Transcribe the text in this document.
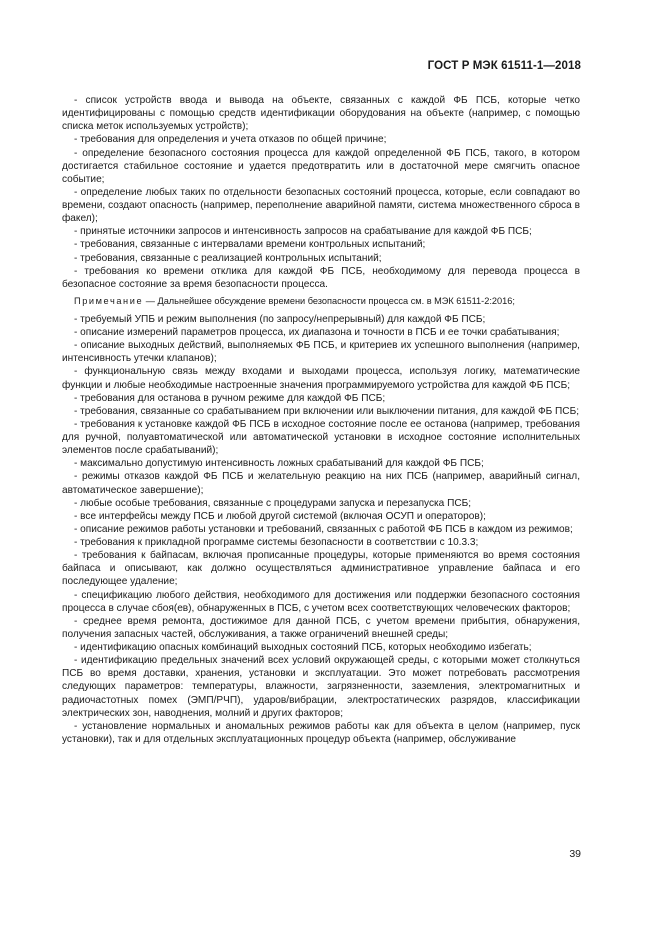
ГОСТ Р МЭК 61511-1—2018

- список устройств ввода и вывода на объекте, связанных с каждой ФБ ПСБ, которые четко идентифицированы с помощью средств идентификации оборудования на объекте (например, с помощью списка меток используемых устройств);

- требования для определения и учета отказов по общей причине;

- определение безопасного состояния процесса для каждой определенной ФБ ПСБ, такого, в котором достигается стабильное состояние и удается предотвратить или в достаточной мере смягчить опасное событие;

- определение любых таких по отдельности безопасных состояний процесса, которые, если совпадают во времени, создают опасность (например, переполнение аварийной памяти, система множественного сброса в факел);

- принятые источники запросов и интенсивность запросов на срабатывание для каждой ФБ ПСБ;

- требования, связанные с интервалами времени контрольных испытаний;

- требования, связанные с реализацией контрольных испытаний;

- требования ко времени отклика для каждой ФБ ПСБ, необходимому для перевода процесса в безопасное состояние за время безопасности процесса.

Примечание — Дальнейшее обсуждение времени безопасности процесса см. в МЭК 61511-2:2016;

- требуемый УПБ и режим выполнения (по запросу/непрерывный) для каждой ФБ ПСБ;

- описание измерений параметров процесса, их диапазона и точности в ПСБ и ее точки срабатывания;

- описание выходных действий, выполняемых ФБ ПСБ, и критериев их успешного выполнения (например, интенсивность утечки клапанов);

- функциональную связь между входами и выходами процесса, используя логику, математические функции и любые необходимые настроенные значения программируемого устройства для каждой ФБ ПСБ;

- требования для останова в ручном режиме для каждой ФБ ПСБ;

- требования, связанные со срабатыванием при включении или выключении питания, для каждой ФБ ПСБ;

- требования к установке каждой ФБ ПСБ в исходное состояние после ее останова (например, требования для ручной, полуавтоматической или автоматической установки в исходное состояние исполнительных элементов после срабатываний);

- максимально допустимую интенсивность ложных срабатываний для каждой ФБ ПСБ;

- режимы отказов каждой ФБ ПСБ и желательную реакцию на них ПСБ (например, аварийный сигнал, автоматическое завершение);

- любые особые требования, связанные с процедурами запуска и перезапуска ПСБ;

- все интерфейсы между ПСБ и любой другой системой (включая ОСУП и операторов);

- описание режимов работы установки и требований, связанных с работой ФБ ПСБ в каждом из режимов;

- требования к прикладной программе системы безопасности в соответствии с 10.3.3;

- требования к байпасам, включая прописанные процедуры, которые применяются во время состояния байпаса и описывают, как должно осуществляться административное управление байпаса и его последующее удаление;

- спецификацию любого действия, необходимого для достижения или поддержки безопасного состояния процесса в случае сбоя(ев), обнаруженных в ПСБ, с учетом всех соответствующих человеческих факторов;

- среднее время ремонта, достижимое для данной ПСБ, с учетом времени прибытия, обнаружения, получения запасных частей, обслуживания, а также ограничений внешней среды;

- идентификацию опасных комбинаций выходных состояний ПСБ, которых необходимо избегать;

- идентификацию предельных значений всех условий окружающей среды, с которыми может столкнуться ПСБ во время доставки, хранения, установки и эксплуатации. Это может потребовать рассмотрения следующих параметров: температуры, влажности, загрязненности, заземления, электромагнитных и радиочастотных помех (ЭМП/РЧП), ударов/вибрации, электростатических разрядов, классификации электрических зон, наводнения, молний и других факторов;

- установление нормальных и аномальных режимов работы как для объекта в целом (например, пуск установки), так и для отдельных эксплуатационных процедур объекта (например, обслуживание

39
